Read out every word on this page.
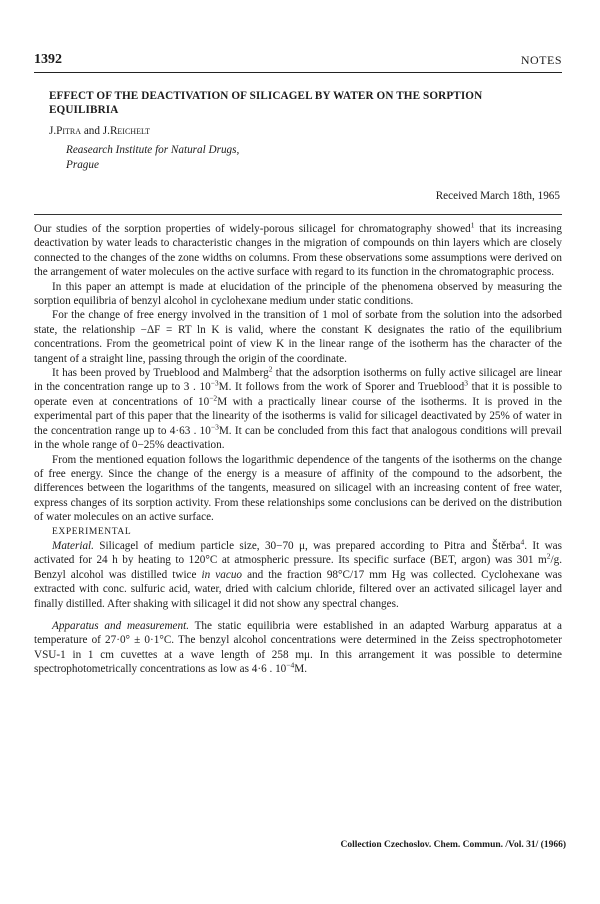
1392	NOTES
EFFECT OF THE DEACTIVATION OF SILICAGEL BY WATER ON THE SORPTION EQUILIBRIA
J.Pitra and J.Reichelt
Reasearch Institute for Natural Drugs,
Prague
Received March 18th, 1965

Our studies of the sorption properties of widely-porous silicagel for chromatography showed$^1$ that its increasing deactivation by water leads to characteristic changes in the migration of compounds on thin layers which are closely connected to the changes of the zone widths on columns. From these observations some assumptions were derived on the arrangement of water molecules on the active surface with regard to its function in the chromatographic process.

In this paper an attempt is made at elucidation of the principle of the phenomena observed by measuring the sorption equilibria of benzyl alcohol in cyclohexane medium under static conditions.

For the change of free energy involved in the transition of 1 mol of sorbate from the solution into the adsorbed state, the relationship −ΔF = RT ln K is valid, where the constant K designates the ratio of the equilibrium concentrations. From the geometrical point of view K in the linear range of the isotherm has the character of the tangent of a straight line, passing through the origin of the coordinate.

It has been proved by Trueblood and Malmberg$^2$ that the adsorption isotherms on fully active silicagel are linear in the concentration range up to 3 . $10^{-3}M$. It follows from the work of Sporer and Trueblood$^3$ that it is possible to operate even at concentrations of $10^{-2}M$ with a practically linear course of the isotherms. It is proved in the experimental part of this paper that the linearity of the isotherms is valid for silicagel deactivated by 25% of water in the concentration range up to 4·63 . $10^{-3}M$. It can be concluded from this fact that analogous conditions will prevail in the whole range of 0−25% deactivation.

From the mentioned equation follows the logarithmic dependence of the tangents of the isotherms on the change of free energy. Since the change of the energy is a measure of affinity of the compound to the adsorbent, the differences between the logarithms of the tangents, measured on silicagel with an increasing content of free water, express changes of its sorption activity. From these relationships some conclusions can be derived on the distribution of water molecules on an active surface.

EXPERIMENTAL

Material. Silicagel of medium particle size, 30−70 μ, was prepared according to Pitra and Štěrba$^4$. It was activated for 24 h by heating to 120°C at atmospheric pressure. Its specific surface (BET, argon) was 301 $m^2/g$. Benzyl alcohol was distilled twice in vacuo and the fraction 98°C/17 mm Hg was collected. Cyclohexane was extracted with conc. sulfuric acid, water, dried with calcium chloride, filtered over an activated silicagel layer and finally distilled. After shaking with silicagel it did not show any spectral changes.

Apparatus and measurement. The static equilibria were established in an adapted Warburg apparatus at a temperature of 27·0° ± 0·1°C. The benzyl alcohol concentrations were determined in the Zeiss spectrophotometer VSU-1 in 1 cm cuvettes at a wave length of 258 mμ. In this arrangement it was possible to determine spectrophotometrically concentrations as low as 4·6 . $10^{-4}M$.

Collection Czechoslov. Chem. Commun. /Vol. 31/ (1966)
